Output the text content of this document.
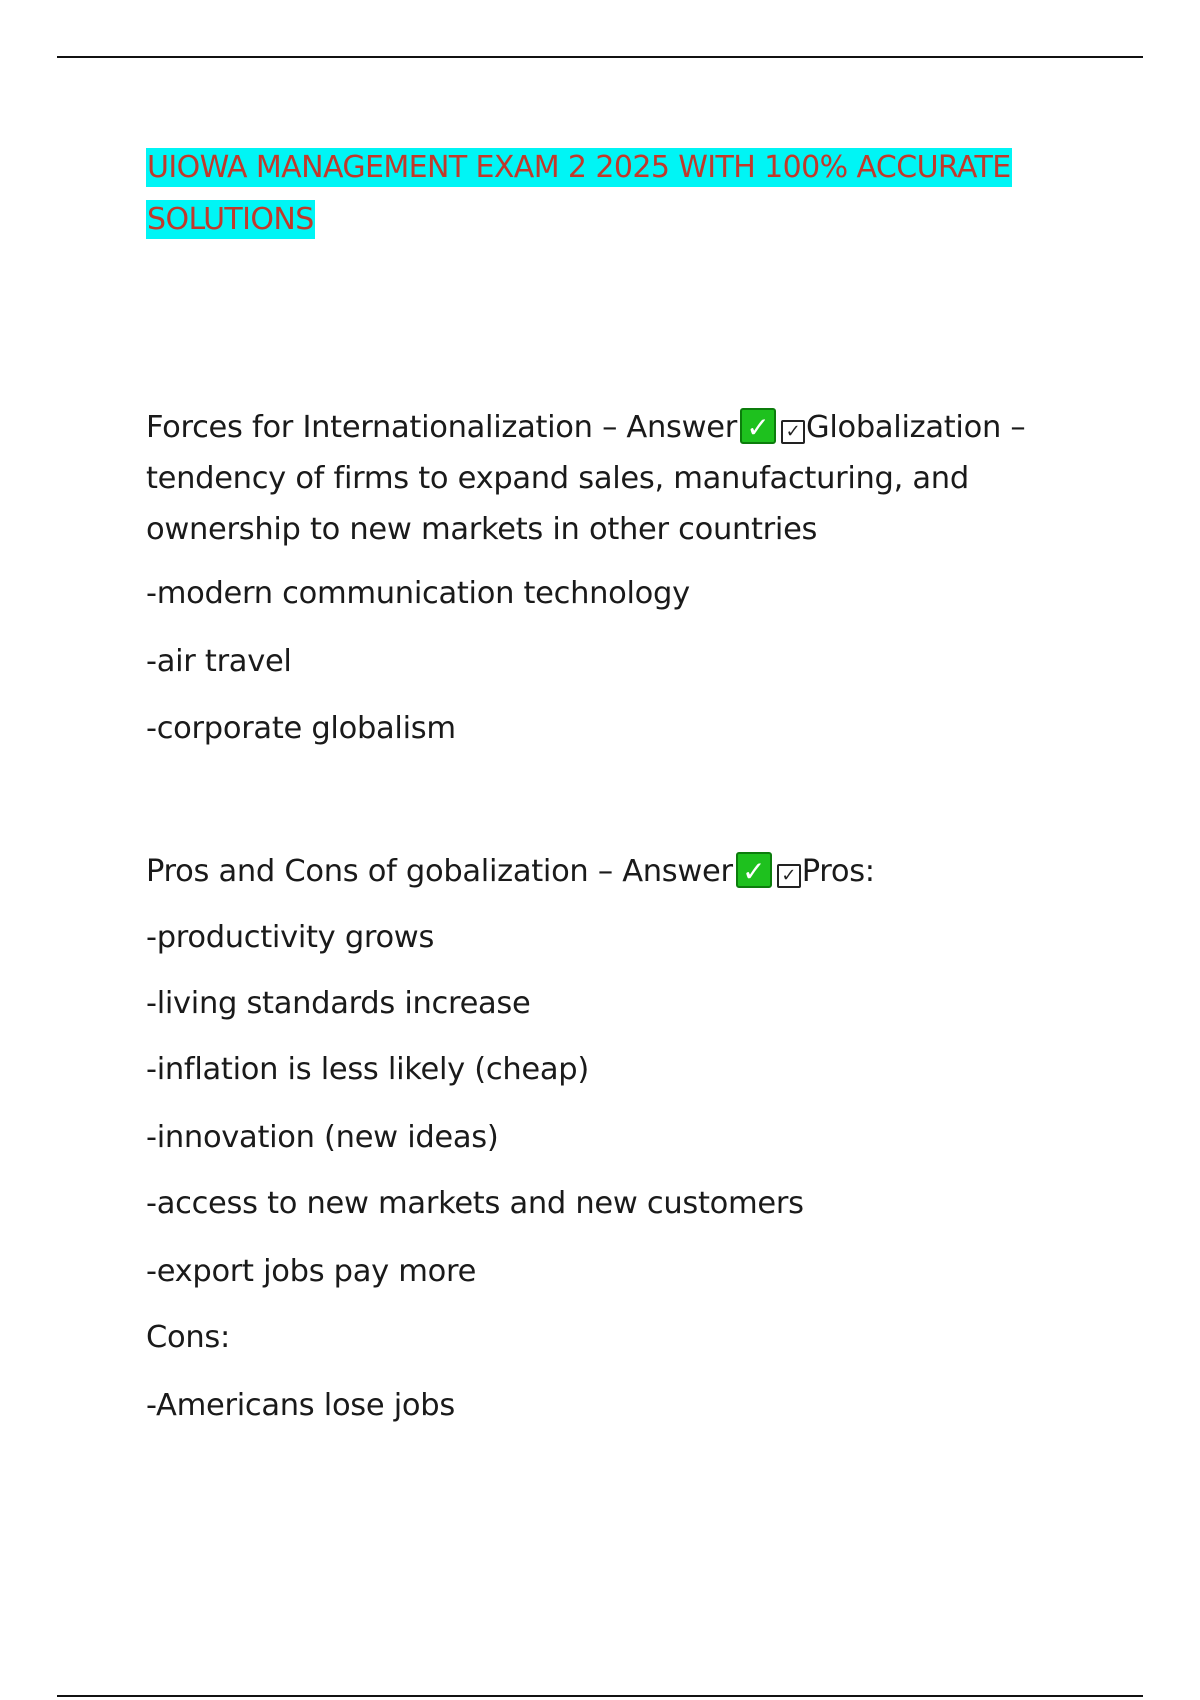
UIOWA MANAGEMENT EXAM 2 2025 WITH 100% ACCURATE SOLUTIONS

Forces for Internationalization – Answer ✓ ✓ Globalization – tendency of firms to expand sales, manufacturing, and ownership to new markets in other countries

-modern communication technology
-air travel
-corporate globalism
Pros and Cons of gobalization – Answer ✓ ✓ Pros:
-productivity grows
-living standards increase
-inflation is less likely (cheap)
-innovation (new ideas)
-access to new markets and new customers
-export jobs pay more
Cons:
-Americans lose jobs
